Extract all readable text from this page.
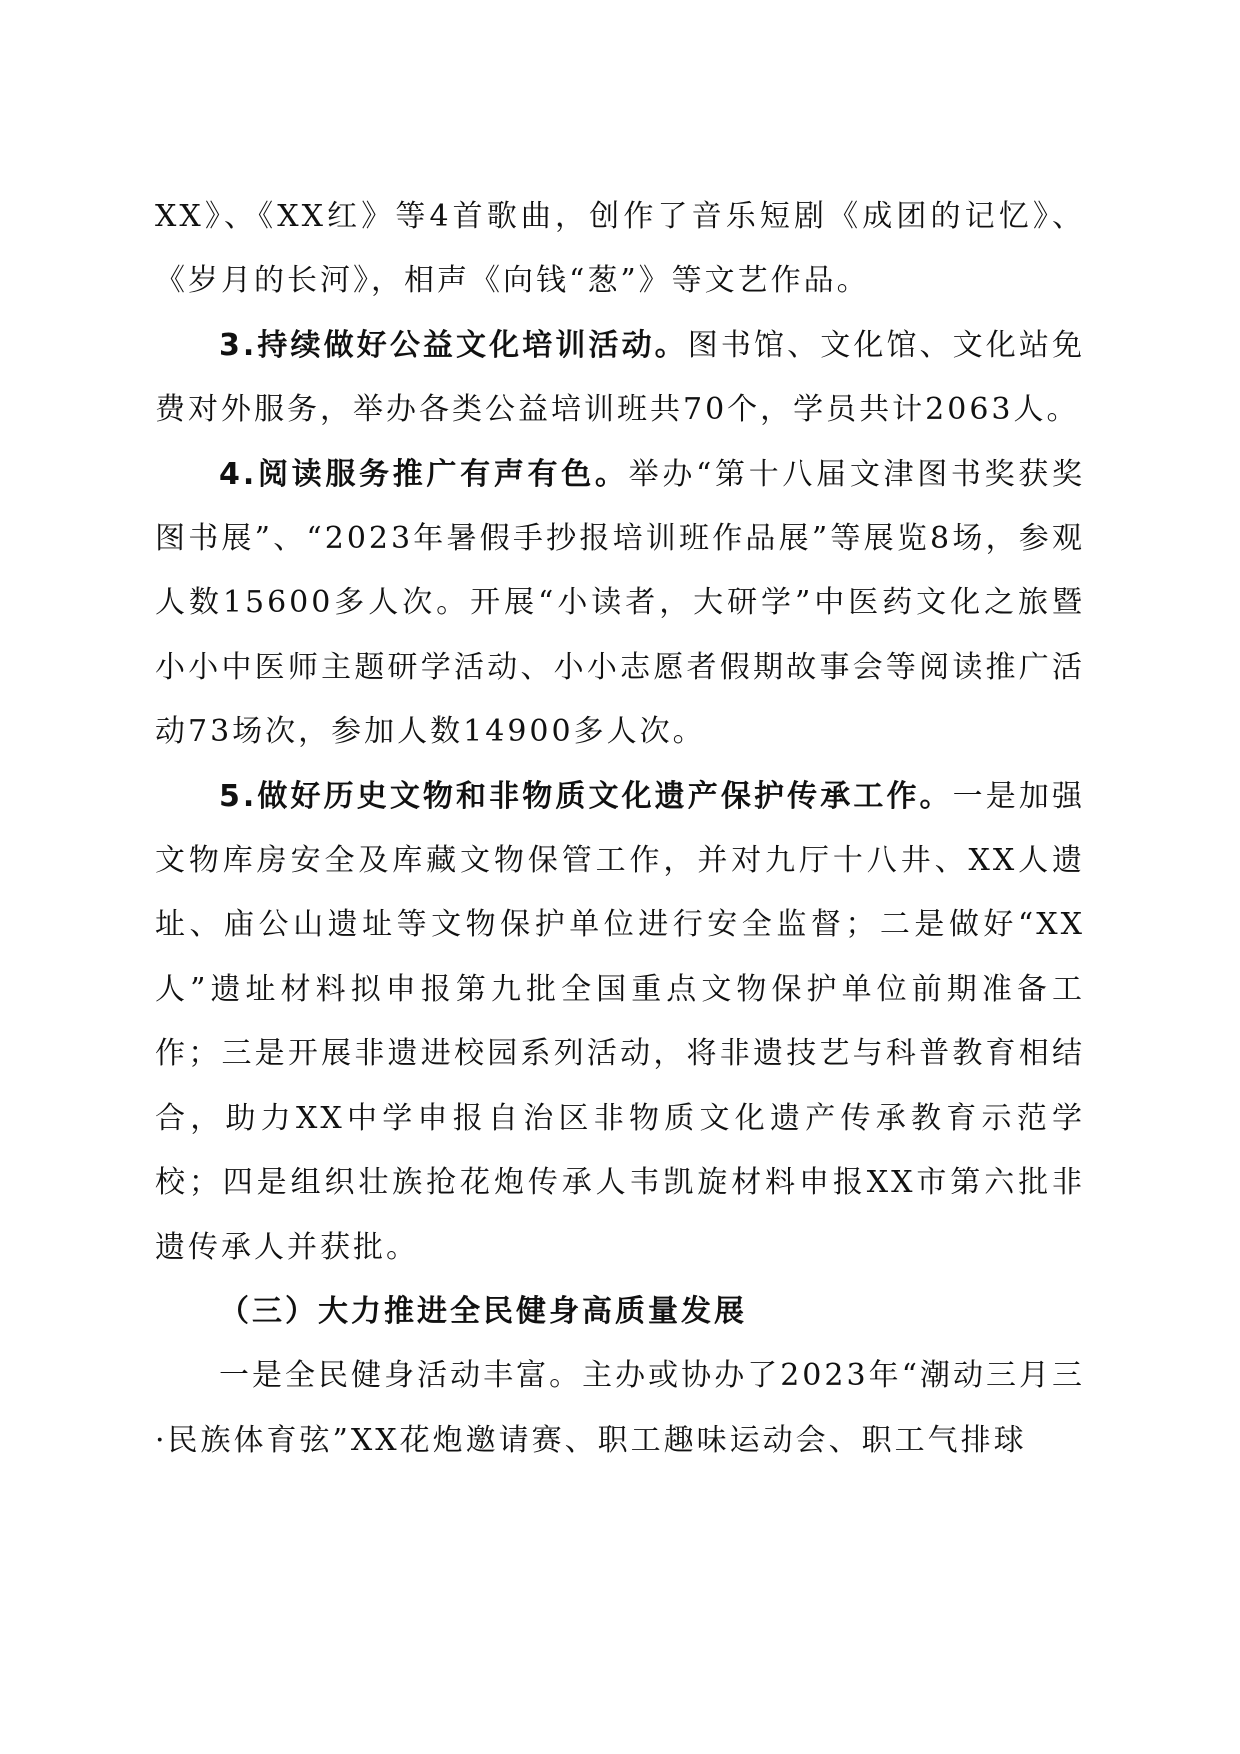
XX》、《XX红》等4首歌曲，创作了音乐短剧《成团的记忆》、《岁月的长河》，相声《向钱“葱”》等文艺作品。

3.持续做好公益文化培训活动。图书馆、文化馆、文化站免费对外服务，举办各类公益培训班共70个，学员共计2063人。

4.阅读服务推广有声有色。举办“第十八届文津图书奖获奖图书展”、“2023年暑假手抄报培训班作品展”等展览8场，参观人数15600多人次。开展“小读者，大研学”中医药文化之旅暨小小中医师主题研学活动、小小志愿者假期故事会等阅读推广活动73场次，参加人数14900多人次。

5.做好历史文物和非物质文化遗产保护传承工作。一是加强文物库房安全及库藏文物保管工作，并对九厅十八井、XX人遗址、庙公山遗址等文物保护单位进行安全监督；二是做好“XX人”遗址材料拟申报第九批全国重点文物保护单位前期准备工作；三是开展非遗进校园系列活动，将非遗技艺与科普教育相结合，助力XX中学申报自治区非物质文化遗产传承教育示范学校；四是组织壮族抢花炮传承人韦凯旋材料申报XX市第六批非遗传承人并获批。

（三）大力推进全民健身高质量发展

一是全民健身活动丰富。主办或协办了2023年“潮动三月三·民族体育弦”XX花炮邀请赛、职工趣味运动会、职工气排球
